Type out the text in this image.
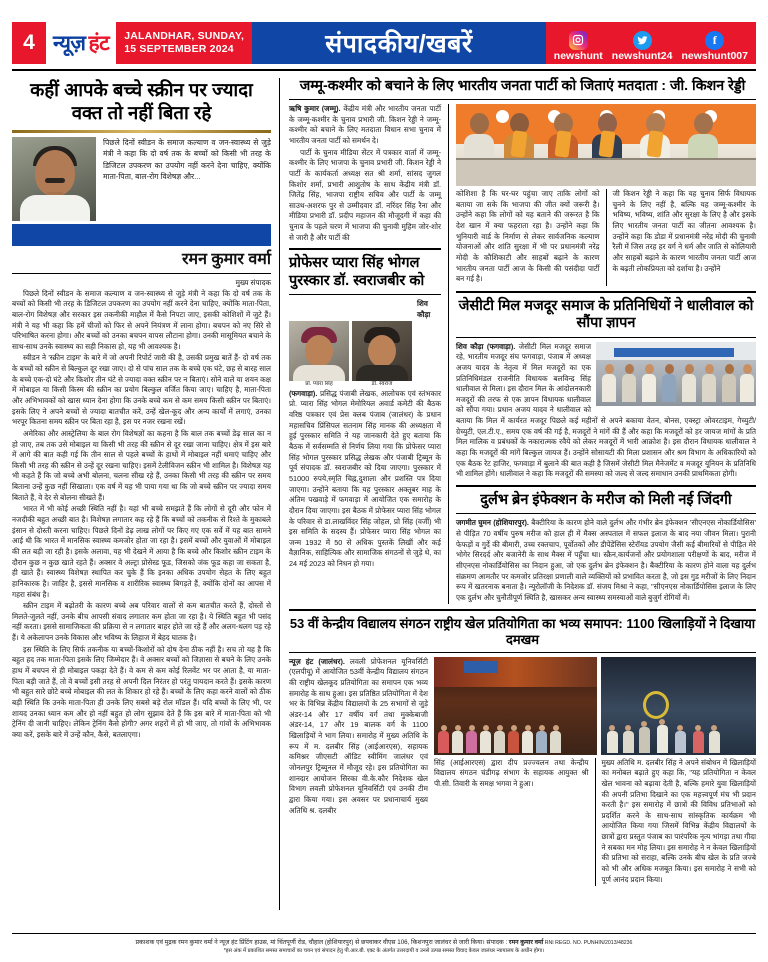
4 न्यूज़ हंट JALANDHAR, SUNDAY,
15 SEPTEMBER 2024	संपादकीय/खबरें	newshunt newshunt24
f
newshunt007
कहीं आपके बच्चे स्क्रीन पर ज्यादा
वक्त तो नहीं बिता रहे
पिछले दिनों स्वीडन के समाज कल्याण व जन-स्वास्थ्य से जुड़े मंत्री ने कहा कि दो वर्ष तक के बच्चों को किसी भी तरह के डिजिटल उपकरण का उपयोग नहीं करने देना चाहिए, क्योंकि माता-पिता, बाल-रोग विशेषज्ञ और...
रमन कुमार वर्मा
मुख्य संपादक

पिछले दिनों स्वीडन के समाज कल्याण व जन-स्वास्थ्य से जुड़े मंत्री ने कहा कि दो वर्ष तक के बच्चों को किसी भी तरह के डिजिटल उपकरण का उपयोग नहीं करने देना चाहिए, क्योंकि माता-पिता, बाल-रोग विशेषज्ञ और सरकार इस तकनीकी माहौल में कैसे निपटा जाए, इसकी कोशिशों में जुटे हैं। मंत्री ने यह भी कहा कि हमें चीजों को फिर से अपने नियंत्रण में लाना होगा। बचपन को नए सिरे से परिभाषित करना होगा। और बच्चों को उनका बचपन वापस लौटाना होगा। उनकी मासूमियत बचाने के साथ-साथ उनके स्वास्थ्य का सही निकास हो, यह भी आवश्यक है।

स्वीडन ने 'स्क्रीन टाइम' के बारे में जो अपनी रिपोर्ट जारी की है, उसकी प्रमुख बातें हैं- दो वर्ष तक के बच्चों को स्क्रीन से बिल्कुल दूर रखा जाए। दो से पांच साल तक के बच्चे एक घंटे, छह से बारह साल के बच्चे एक-दो घंटे और किशोर तीन घंटे से ज्यादा वक्त स्क्रीन पर न बिताएं। सोने वाले या शयन कक्ष में मोबाइल या किसी किस्म की स्क्रीन का प्रयोग बिल्कुल वर्जित किया जाए। चाहिए है, माता-पिता और अभिभावकों को खास ध्यान देना होगा कि उनके बच्चे कम से कम समय किसी स्क्रीन पर बिताएं। इसके लिए ने अपने बच्चों से ज्यादा बातचीत करें, उन्हें खेल-कूद और अन्य कार्यों में लगाएं, उनका भरपूर कितना समय स्क्रीन पर बिता रहा है, इस पर नजर रखना रखें।

अमेरिका और आस्ट्रेलिया के बाल रोग विशेषज्ञों का कहना है कि बाल तक बच्चों डेढ़ साल का न हो जाए, तब तक उसे मोबाइल या किसी भी तरह की स्क्रीन से दूर रखा जाना चाहिए। क्षेत्र में इस बारे में आगे की बात कही गई कि तीन साल से पहले बच्चों के हाथों में मोबाइल नहीं थमाएं चाहिए और किसी भी तरह की स्क्रीन से उन्हें दूर रखना चाहिए। इसमें टेलीविजन स्क्रीन भी शामिल है। विशेषज्ञ यह भी कहते हैं कि जो बच्चे अभी बोलना, चलना सीख रहे हैं, उनका किसी भी तरह की स्क्रीन पर समय बिताना उन्हें कुछ नहीं सिखाता। एक वर्ष में यह भी पाया गया था कि जो बच्चे स्क्रीन पर ज्यादा समय बिताते हैं, वे देर से बोलना सीखते हैं।

भारत में भी कोई अच्छी स्थिति नहीं है। यहां भी बच्चे समझते हैं कि लोगों से दूरी और फोन में नजदीकी बहुत अच्छी बात है। विशेषज्ञ लगातार कह रहे हैं कि बच्चों को तकनीक से रिश्ते के मुकाबले इंसान से दोस्ती करना चाहिए। पिछले दिनों डेढ़ लाख लोगों पर किए गए एक सर्वे में यह बात सामने आई थी कि भारत में मानसिक स्वास्थ्य कमजोर होता जा रहा है। इसमें बच्चों और युवाओं में मोबाइल की लत बड़ी जा रही है। इसके अलावा, यह भी देखने में आया है कि बच्चे और किशोर स्क्रीन टाइम के दौरान कुछ न कुछ खाते रहते हैं। अक्सर वे अल्ट्रा प्रोसेस्ड फूड, जिसको जंक फूड कहा जा सकता है, ही खाते हैं। स्वास्थ्य विशेषज्ञ स्थापित कर चुके हैं कि इनका अधिक उपयोग सेहत के लिए बहुत हानिकारक है। जाहिर है, इससे मानसिक व शारीरिक स्वास्थ्य बिगड़ते हैं, क्योंकि दोनों का आपस में गहरा संबंध है।

स्क्रीन टाइम में बढ़ोतरी के कारण बच्चे अब परिवार वालों से कम बातचीत करते हैं, दोस्तों से मिलते-जुलते नहीं, उनके बीच आपसी संवाद लगातार कम होता जा रहा है। ये स्थिति बहुत भी पसंद नहीं करता। इससे सामाजिकता की प्रक्रिया से न लगातार बाहर होते जा रहे हैं और अलग-थलग पड़ रहे हैं। ये अकेलापन उनके विकास और भविष्य के लिहाज में बेहद घातक है।

इस स्थिति के लिए सिर्फ तकनीक या बच्चों-किशोरों को दोष देना ठीक नहीं है। सच तो यह है कि बहुत हद तक माता-पिता इसके लिए जिम्मेदार हैं। वे अक्सर बच्चों को जिज्ञासा से बचने के लिए उनके हाथ में बचपन से ही मोबाइल पकड़ा देते हैं। वे कम से कम कोई रिलवेंट भर पर आता है, या माता-पिता बड़ी जाते हैं, तो वे बच्चों इसी तरह से अपनी दिल निरंतर हो परंतु पायदान करते हैं। इसके कारण भी बहुत सारे छोटे बच्चे मोबाइल की लत के शिकार हो रहे हैं। बच्चों के लिए कहा करने वालों को ठीक बड़ी स्थिति कि उनके माता-पिता ही उनके लिए सबसे बड़े रोल मॉडल हैं। यदि बच्चों के लिए भी, पर शायद उनका ध्यान कम और हो नहीं बहुत हो लोग सुझाव देते हैं कि इस बारे में माता-पिता को भी ट्रेनिंग दी जानी चाहिए। लेकिन ट्रेनिंग कैसे होगी? अगर शहरों में हो भी जाए, तो गांवों के अभिभावक क्या करें, इसके बारे में उन्हें कौन, कैसे, बतलाएगा।

जम्मू-कश्मीर को बचाने के लिए भारतीय जनता पार्टी को जिताएं मतदाता : जी. किशन रेड्डी

ऋषि कुमार (जम्मू). केंद्रीय मंत्री और भारतीय जनता पार्टी के जम्मू-कश्मीर के चुनाव प्रभारी जी. किशन रेड्डी ने जम्मू-कश्मीर को बचाने के लिए मतदाता विधान सभा चुनाव में भारतीय जनता पार्टी को समर्थन दे।

पार्टी के चुनाव मीडिया सेंटर में पत्रकार वार्ता में जम्मू-कश्मीर के लिए भाजपा के चुनाव प्रभारी जी. किशन रेड्डी ने पार्टी के कार्यकर्ता अध्यक्ष सत श्री शर्मा, सांसद जुगल किशोर शर्मा, प्रभारी आशुतोष के साथ केंद्रीय मंत्री डॉ. जितेंद्र सिंह, भाजपा राष्ट्रीय सचिव और पार्टी के जम्मू साउथ-अशरफ पुर से उम्मीदवार डॉ. नरिंदर सिंह रैना और मीडिया प्रभारी डॉ. प्रदीप महाजन की मौजूदगी में कहा की चुनाव के पहले चरण में भाजपा की चुनावी मुहिम जोर-शोर से जारी है और पार्टी की

प्रोफेसर प्यारा सिंह भोगल
पुरस्कार डॉ. स्वराजबीर को
प्रो. प्यारा सिंह	डॉ. स्वराज

शिव कौड़ा (फगवाड़ा). प्रसिद्ध पंजाबी लेखक, आलोचक एवं स्तंभकार प्रो. प्यारा सिंह भोगल मेमोरियल अवार्ड कमेटी की बैठक वरिष्ठ पत्रकार एवं प्रेस क्लब पंजाब (जालंधर) के प्रधान महासचिव प्रिंसिपल सतनाम सिंह मानक की अध्यक्षता में हुई पुरस्कार समिति ने यह जानकारी देते हुए बताया कि बैठक में सर्वसम्मति से निर्णय लिया गया कि प्रोफेसर प्यारा सिंह भोगल पुरस्कार प्रसिद्ध लेखक और पंजाबी ट्रिब्यून के पूर्व संपादक डॉ. स्वराजबीर को दिया जाएगा। पुरस्कार में 51000 रुपये,स्मृति चिह्न,दुशाला और प्रशस्ति पत्र दिया जाएगा। उन्होंने बताया कि यह पुरस्कार अक्तूबर माह के अंतिम पखवाड़े में फगवाड़ा में आयोजित एक समारोह के दौरान दिया जाएगा। इस बैठक में प्रोफेसर प्यारा सिंह भोगल के परिवार से डा.लाखविंदर सिंह जोहल, प्रो सिंह (वर्जी) भी इस समिति के सदस्य हैं। प्रोफेसर प्यारा सिंह भोगल का जन्म 1932 में 50 से अधिक पुस्तकें लिखीं और कई वैज्ञानिक, साहित्यिक और सामाजिक संगठनों से जुड़े थे, का 24 मई 2023 को निधन हो गया।

कोशिशा है कि घर-घर पहुंचा जाए ताकि लोगों को बताया जा सके कि भाजपा की जीत क्यों जरूरी है। उन्होंने कहा कि लोगों को यह बताने की जरूरत है कि देश खान में क्या फहराता रहा है। उन्होंने कहा कि भुनियारी वार्ड के निर्माण से लेकर सार्वजनिक कल्याण योजनाओं और शांति सुरक्षा में भी पर प्रधानमंत्री नरेंद्र मोदी के कौशिकाटी और साहबों बढ़ाने के कारण भारतीय जनता पार्टी आज के किसी की पसंदीदा पार्टी बन गई है।

जी किशन रेड्डी ने कहा कि यह चुनाव सिर्फ विधायक चुनने के लिए नहीं है, बल्कि यह जम्मू-कश्मीर के भविष्य, भविष्य, शांति और सुरक्षा के लिए है और इसके लिए भारतीय जनता पार्टी का जीतना आवश्यक है। उन्होंने कहा कि डोडा में प्रधानमंत्री नरेंद्र मोदी की चुनावी रैली में जिस तरह हर वर्ग ने धर्म और जाति से कोलियारी और साहबों बढ़ाने के कारण भारतीय जनता पार्टी आज के बढ़ती लोकप्रियता को दर्शाया है। उन्होंने

जेसीटी मिल मजदूर समाज के प्रतिनिधियों ने धालीवाल को सौंपा ज्ञापन

शिव कौड़ा (फगवाड़ा). जेसीटी मिल मजदूर समाज रहे, भारतीय मजदूर संघ फगवाड़ा, पंजाब में अध्यक्ष अजय यादव के नेतृत्व में मिल मजदूरों का एक प्रतिनिधिमंडल राजनीति विधायक बलविन्द्र सिंह धालीवाल से मिला। इस दौरान मिल के आंदोलनकारी मजदूरों की तरफ से एक ज्ञापन विधायक धालीवाल को सौंपा गया। प्रधान अजय यादव ने धालीवाल को बताया कि मिल में कार्यरत मजदूर पिछले कई महीनों से अपने बकाया वेतन, बोनस, एक्स्ट्रा ओवरटाइम, गेच्युटी/ग्रेच्युटी, एल.टी.ए., समय एक वर्ष की गई है, मजदूरों ने मांगें की हैं और कहा कि मजदूरों को हर जायज मांगों के प्रति मिल मालिक व प्रबंधकों के नकारात्मक रवैये को लेकर मजदूरों में भारी आक्रोश है। इस दौरान विधायक धालीवाल ने कहा कि मजदूरों की मांगें बिल्कुल जायज हैं। उन्होंने सोसायटी की मिला प्रशासन और श्रम विभाग के अधिकारियों को एक बैठक रेट हाजिर, फगवाड़ा में बुलाने की बात कही है जिसमें जेसीटी मिल मैनेजमेंट व मजदूर यूनियन के प्रतिनिधि भी शामिल होंगे। धालीवाल ने कहा कि मजदूरों की समस्या को जल्द से जल्द समाधान उनकी प्राथमिकता होगी।

दुर्लभ ब्रेन इंफेक्शन के मरीज को मिली नई जिंदगी

जगमीत घुमन (होशियारपुर). बैक्टीरिया के कारण होने वाले दुर्लभ और गंभीर ब्रेन इंफेक्शन 'सीएनएस नोकार्डियोसिस' से पीड़ित 70 वर्षीय पुरुष मरीज को हाल ही में मैक्स अस्पताल में सफल इलाज के बाद नया जीवन मिला। पुरानी फेफड़ों व गुर्दे की बीमारी, उच्च रक्तचाप, पूर्वोतकों और डीपेंडेंसिस स्टेरॉयड उपयोग जैसी कई बीमारियों से पीड़ित मेरे भोगेर सिरदर्द और बजानेरी के साथ मैक्स में पहुँचा था। स्क्रैन,कार्यजनों और प्रयोगशाला परीक्षणों के बाद, मरीज में सीएनएस नोकार्डियोसिस का निदान हुआ, जो एक दुर्लभ ब्रेन इंफेक्शन है। बैक्टीरिया के कारण होने वाला यह दुर्लभ संक्रमण आमतौर पर कमजोर प्रतिरक्षा प्रणाली वाले व्यक्तियों को प्रभावित करता है, जो इस गुड मरीजों के लिए निदान रूप में खतरनाक बनाता है। न्यूरोलॉजी के निदेशक डॉ. संजय मिश्रा ने कहा, "सीएनएस नोकार्डियोसिस इलाज के लिए एक दुर्लभ और चुनौतीपूर्ण स्थिति है, खासकर अन्य स्वास्थ्य समस्याओं वाले बुजुर्ग रोगियों में।

53 वीं केन्द्रीय विद्यालय संगठन राष्ट्रीय खेल प्रतियोगिता का भव्य समापन: 1100 खिलाड़ियों ने दिखाया दमखम

न्यूज़ हंट (जालंधर). लवली प्रोफेशनल यूनिवर्सिटी (एलपीयू) में आयोजित 53वीं केन्द्रीय विद्यालय संगठन की राष्ट्रीय खेलकूद प्रतियोगिता का समापन एक भव्य समारोह के साथ हुआ। इस प्रतिष्ठित प्रतियोगिता में देश भर के विभिन्न केंद्रीय विद्यालयों के 25 सभागों से जुड़े अंडर-14 और 17 वर्षीय वर्ग तथा मुक्केबाजी अंडर-14, 17 और 19 बालक वर्ग के 1100 खिलाड़ियों ने भाग लिया। समारोह में मुख्य अतिथि के रूप में म. दलबीर सिंह (आईआरएस), सहायक कमिश्नर जीएसटी ऑडिट स्वीमिंग जालंधर एवं जोनलपुर ट्रिब्यूनल में मौजूद रहे। इस प्रतियोगिता का शानदार आयोजन सिरका वी.के.कौर निदेशक खेल विभाग लवली प्रोफेशनल यूनिवर्सिटी एवं उनकी टीम द्वारा किया गया। इस अवसर पर प्रधानाचार्य मुख्य अतिथि श्र. दलबीर

सिंह (आईआरएस) द्वारा दीप प्रज्ज्वलन तथा केन्द्रीय विद्यालय संगठन चंडीगढ़ संभाग के सहायक आयुक्त श्री पी.सी. तिवारी के समक्ष भगवा ने हुआ।

मुख्य अतिथि म. दलबीर सिंह ने अपने संबोधन में खिलाड़ियों का मनोबल बढ़ाते हुए कहा कि, "यह प्रतियोगिता न केवल खेल भावना को बढ़ावा देती है, बल्कि हमारे युवा खिलाड़ियों की अपनी प्रतिभा दिखाने का एक महत्त्वपूर्ण मंच भी प्रदान करती है।" इस समारोह में छात्रों की विविध प्रतिभाओं को प्रदर्शित करने के साथ-साथ सांस्कृतिक कार्यक्रम भी आयोजित किया गया जिसमें विभिन्न केंद्रीय विद्यालयों के छात्रों द्वारा प्रस्तुत पंजाब का पारंपरिक नृत्य भांगड़ा तथा गीदा ने सबका मन मोह लिया। इस समारोह ने न केवल खिलाड़ियों की प्रतिभा को सराहा, बल्कि उनके बीच खेल के प्रति जज्बे को भी और अधिक मजबूत किया। इस समारोह ने सभी को पूर्ण आनंद प्रदान किया।

प्रकाशक एवं मुद्रक रमन कुमार वर्मा ने न्यूज़ हंट प्रिंटिंग हाउस, मां चिंतपूर्णी रोड, चौहाल (होशियारपुर) से छपवाकर वीएस 106, किशनपुरा जालंधर से जारी किया। संपादक : रमन कुमार वर्मा RNI REGD. NO. PUNHIN/2013/48236
*इस अंक में प्रकाशित समस्त समाचारों का चयन एवं संपादन हेतु पी.आर.बी. एक्ट के अंतर्गत उत्तरदायी व उनसे उत्पन्न समस्त विवाद केवल जालंधर न्यायालय के अधीन होगा।
